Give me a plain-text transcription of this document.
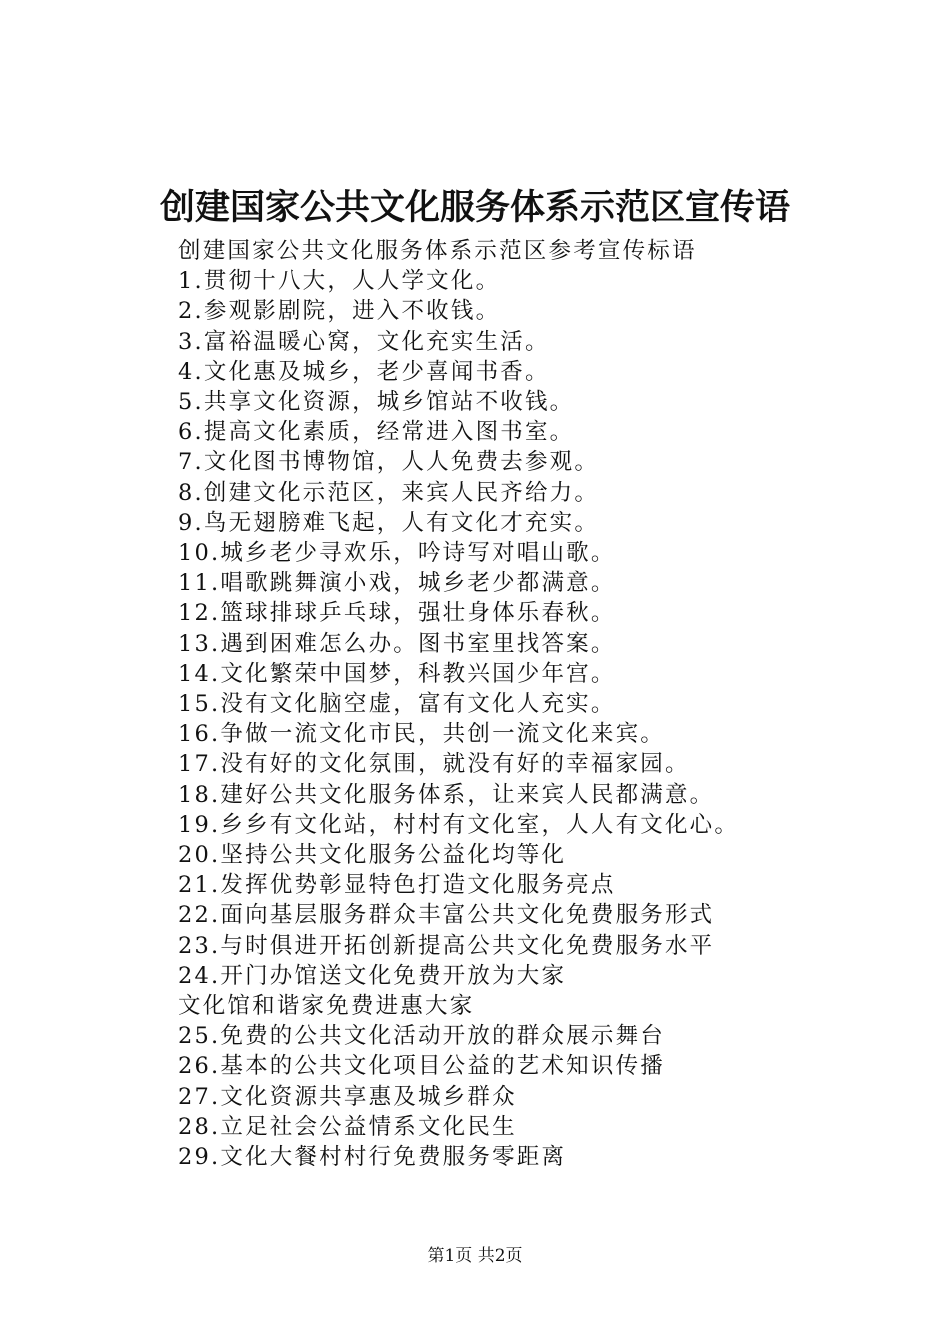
创建国家公共文化服务体系示范区宣传语
创建国家公共文化服务体系示范区参考宣传标语
1.贯彻十八大，人人学文化。
2.参观影剧院，进入不收钱。
3.富裕温暖心窝，文化充实生活。
4.文化惠及城乡，老少喜闻书香。
5.共享文化资源，城乡馆站不收钱。
6.提高文化素质，经常进入图书室。
7.文化图书博物馆，人人免费去参观。
8.创建文化示范区，来宾人民齐给力。
9.鸟无翅膀难飞起，人有文化才充实。
10.城乡老少寻欢乐，吟诗写对唱山歌。
11.唱歌跳舞演小戏，城乡老少都满意。
12.篮球排球乒乓球，强壮身体乐春秋。
13.遇到困难怎么办。图书室里找答案。
14.文化繁荣中国梦，科教兴国少年宫。
15.没有文化脑空虚，富有文化人充实。
16.争做一流文化市民，共创一流文化来宾。
17.没有好的文化氛围，就没有好的幸福家园。
18.建好公共文化服务体系，让来宾人民都满意。
19.乡乡有文化站，村村有文化室，人人有文化心。
20.坚持公共文化服务公益化均等化
21.发挥优势彰显特色打造文化服务亮点
22.面向基层服务群众丰富公共文化免费服务形式
23.与时俱进开拓创新提高公共文化免费服务水平
24.开门办馆送文化免费开放为大家
文化馆和谐家免费进惠大家
25.免费的公共文化活动开放的群众展示舞台
26.基本的公共文化项目公益的艺术知识传播
27.文化资源共享惠及城乡群众
28.立足社会公益情系文化民生
29.文化大餐村村行免费服务零距离
第1页 共2页
